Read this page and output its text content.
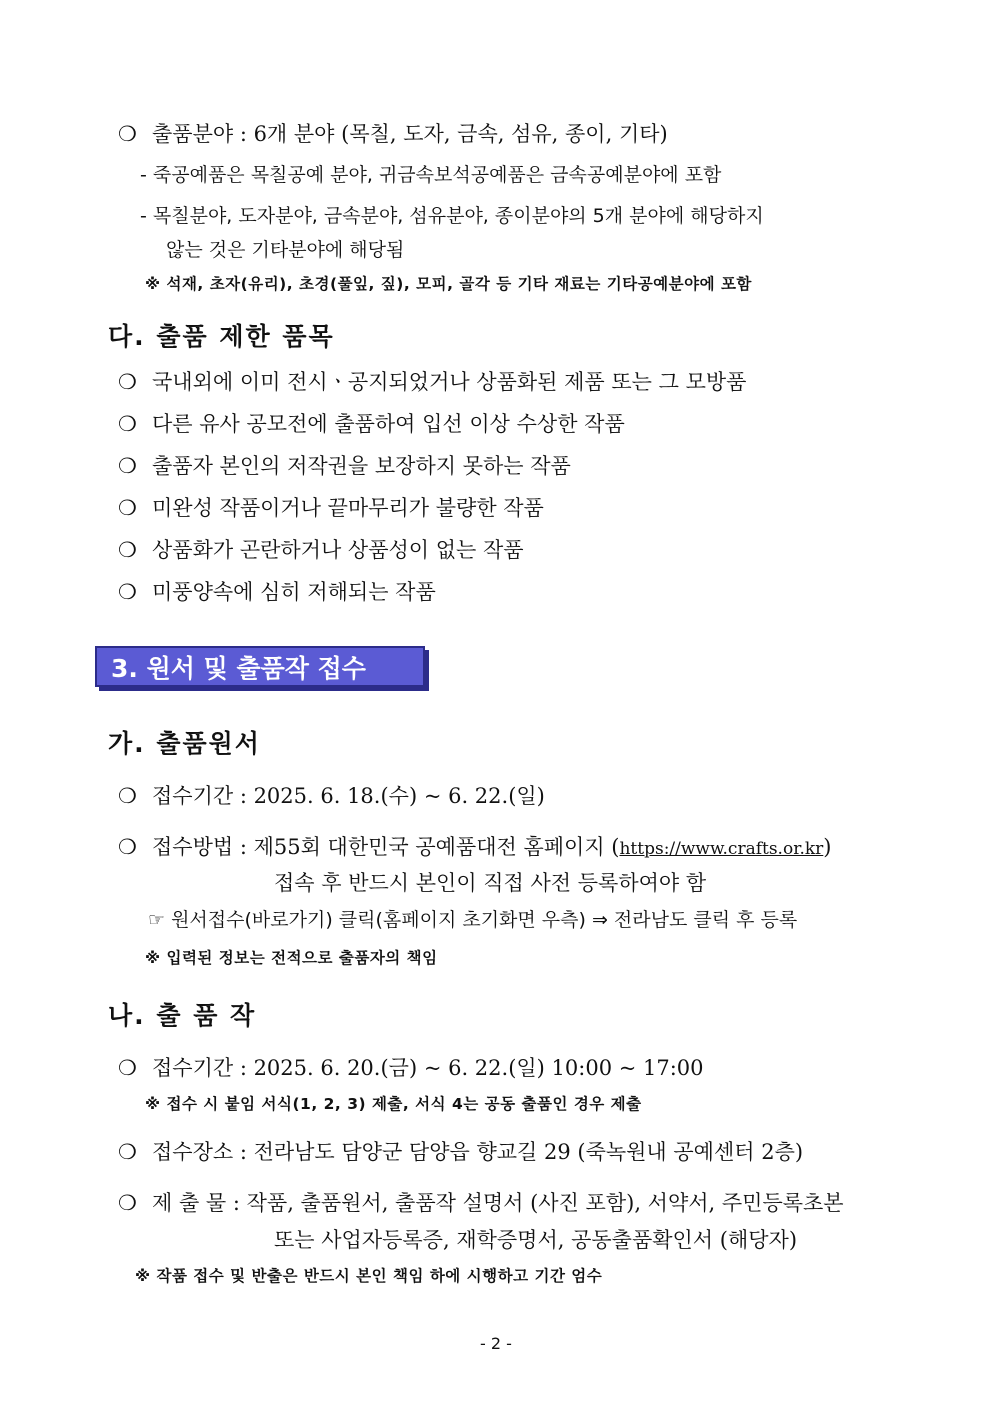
❍ 출품분야 : 6개 분야 (목칠, 도자, 금속, 섬유, 종이, 기타)
- 죽공예품은 목칠공예 분야, 귀금속보석공예품은 금속공예분야에 포함
- 목칠분야, 도자분야, 금속분야, 섬유분야, 종이분야의 5개 분야에 해당하지
않는 것은 기타분야에 해당됨
※ 석재, 초자(유리), 초경(풀잎, 짚), 모피, 골각 등 기타 재료는 기타공예분야에 포함
다. 출품 제한 품목
❍ 국내외에 이미 전시ㆍ공지되었거나 상품화된 제품 또는 그 모방품
❍ 다른 유사 공모전에 출품하여 입선 이상 수상한 작품
❍ 출품자 본인의 저작권을 보장하지 못하는 작품
❍ 미완성 작품이거나 끝마무리가 불량한 작품
❍ 상품화가 곤란하거나 상품성이 없는 작품
❍ 미풍양속에 심히 저해되는 작품
3. 원서 및 출품작 접수
가. 출품원서
❍ 접수기간 : 2025. 6. 18.(수) ~ 6. 22.(일)
❍ 접수방법 : 제55회 대한민국 공예품대전 홈페이지 (https://www.crafts.or.kr)
접속 후 반드시 본인이 직접 사전 등록하여야 함
☞ 원서접수(바로가기) 클릭(홈페이지 초기화면 우측) ⇒ 전라남도 클릭 후 등록
※ 입력된 정보는 전적으로 출품자의 책임
나. 출 품 작
❍ 접수기간 : 2025. 6. 20.(금) ~ 6. 22.(일) 10:00 ~ 17:00
※ 접수 시 붙임 서식(1, 2, 3) 제출, 서식 4는 공동 출품인 경우 제출
❍ 접수장소 : 전라남도 담양군 담양읍 향교길 29 (죽녹원내 공예센터 2층)
❍ 제 출 물 : 작품, 출품원서, 출품작 설명서 (사진 포함), 서약서, 주민등록초본
또는 사업자등록증, 재학증명서, 공동출품확인서 (해당자)
※ 작품 접수 및 반출은 반드시 본인 책임 하에 시행하고 기간 엄수
- 2 -
